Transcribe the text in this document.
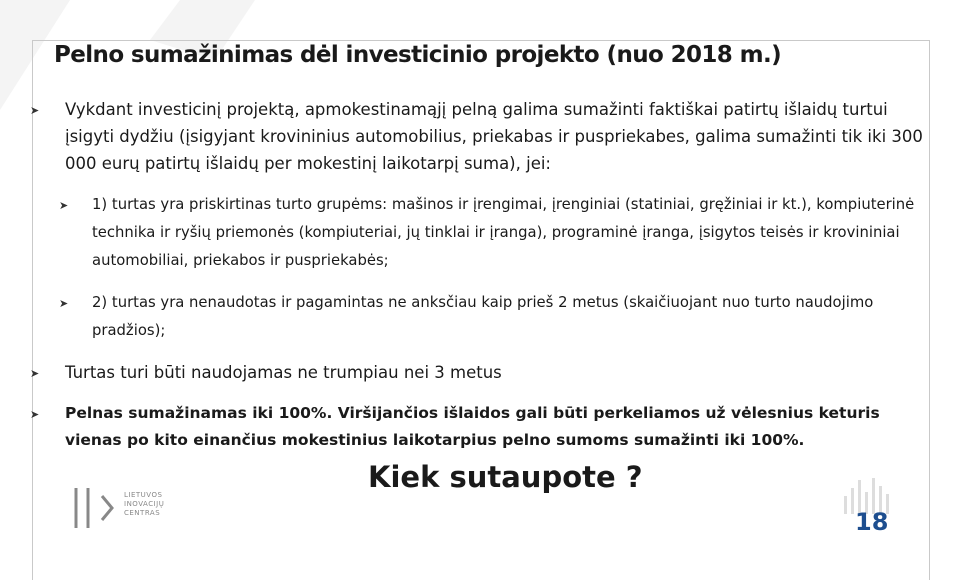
Pelno sumažinimas dėl investicinio projekto (nuo 2018 m.)
➤ Vykdant investicinį projektą, apmokestinamąjį pelną galima sumažinti faktiškai patirtų išlaidų turtui įsigyti dydžiu (įsigyjant krovininius automobilius, priekabas ir puspriekabes, galima sumažinti tik iki 300 000 eurų patirtų išlaidų per mokestinį laikotarpį suma), jei:
➤ 1) turtas yra priskirtinas turto grupėms: mašinos ir įrengimai, įrenginiai (statiniai, gręžiniai ir kt.), kompiuterinė technika ir ryšių priemonės (kompiuteriai, jų tinklai ir įranga), programinė įranga, įsigytos teisės ir krovininiai automobiliai, priekabos ir puspriekabės;
➤ 2) turtas yra nenaudotas ir pagamintas ne anksčiau kaip prieš 2 metus (skaičiuojant nuo turto naudojimo pradžios);
➤ Turtas turi būti naudojamas ne trumpiau nei 3 metus
➤ Pelnas sumažinamas iki 100%. Viršijančios išlaidos gali būti perkeliamos už vėlesnius keturis vienas po kito einančius mokestinius laikotarpius pelno sumoms sumažinti iki 100%.
Kiek sutaupote ?
LIETUVOS
INOVACIJŲ
CENTRAS	18
